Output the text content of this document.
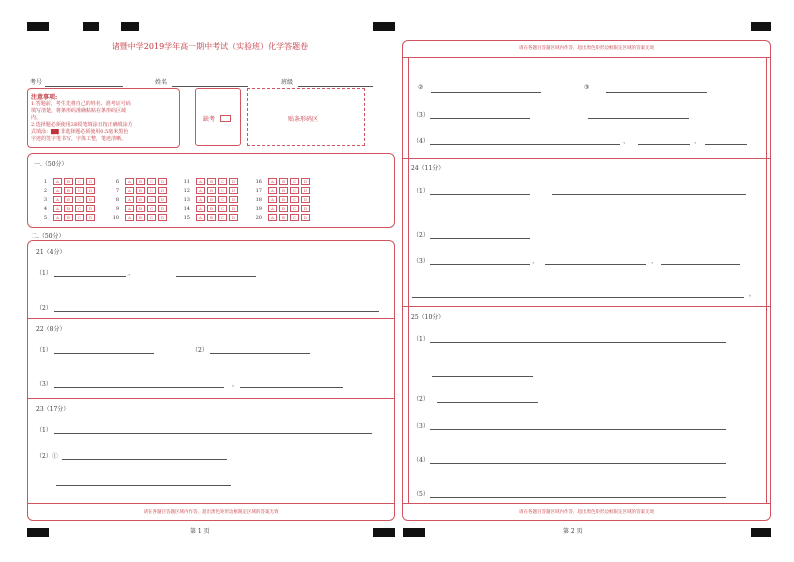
诸暨中学2019学年高一期中考试（实验班）化学答题卷
考号	姓名	班级
注意事项:
1.答题前，考生先将自己的姓名、准考证号码
填写清楚，将条形码准确粘贴在条形码区域
内。
2.选择题必须使用2B铅笔填涂且按正确填涂方
式填涂：▇▇ 非选择题必须使用0.5毫米黑色
字迹的签字笔书写，字体工整，笔迹清晰。
缺考	贴条形码区
一.（50分）
1	A	B	C	D
2	A	B	C	D
3	A	B	C	D
4	A	B	C	D
5	A	B	C	D
6	A	B	C	D
7	A	B	C	D
8	A	B	C	D
9	A	B	C	D
10	A	B	C	D
11	A	B	C	D
12	A	B	C	D
13	A	B	C	D
14	A	B	C	D
15	A	B	C	D
16	A	B	C	D
17	A	B	C	D
18	A	B	C	D
19	A	B	C	D
20	A	B	C	D
二.（50分）
21（4分）
（1）	、
（2）
22（8分）
（1）	（2）
（3）	，
23（17分）
（1）
（2）①
请在各题目答题区域内作答，超出黑色矩形边框限定区域的答案无效
第 1 页
请在各题目答题区域内作答，超出黑色矩形边框限定区域的答案无效
②	③
（3）
（4）	、	、
24（11分）
（1）
（2）
（3）	、	、
。
25（10分）
（1）
（2）
（3）
（4）
（5）
请在各题目答题区域内作答，超出黑色矩形边框限定区域的答案无效
第 2 页
